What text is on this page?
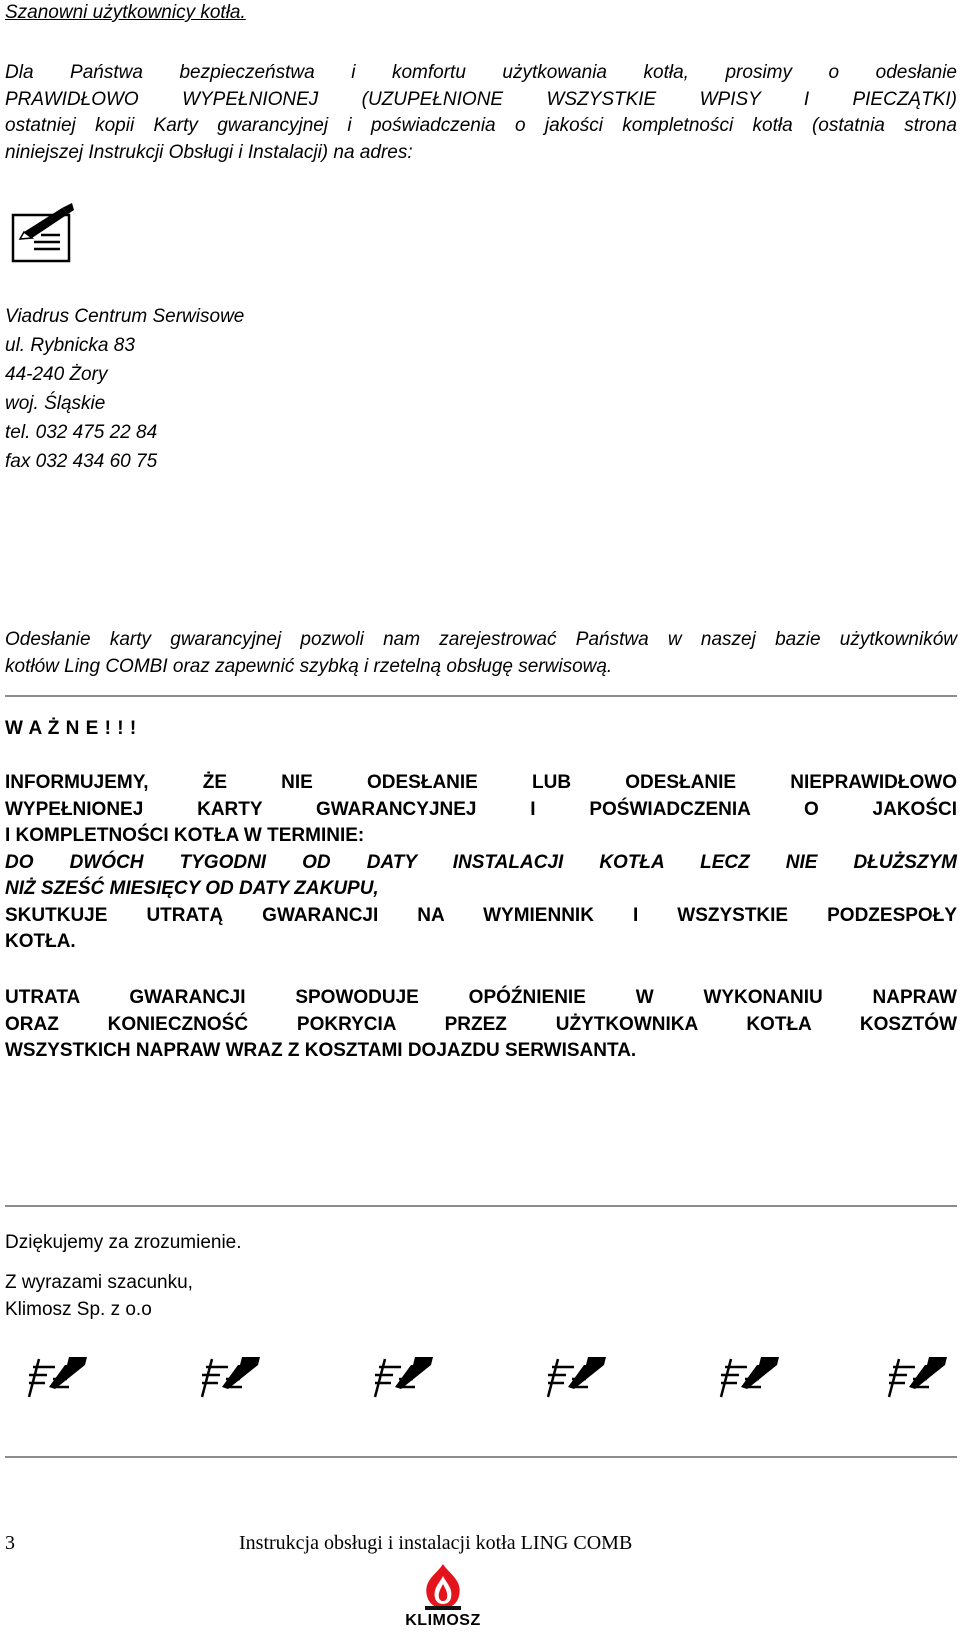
Szanowni użytkownicy kotła.
Dla Państwa bezpieczeństwa i komfortu użytkowania kotła, prosimy o odesłanie
PRAWIDŁOWO WYPEŁNIONEJ (UZUPEŁNIONE WSZYSTKIE WPISY I PIECZĄTKI)
ostatniej kopii Karty gwarancyjnej i poświadczenia o jakości kompletności kotła (ostatnia strona
niniejszej Instrukcji Obsługi i Instalacji) na adres:
Viadrus Centrum Serwisowe
ul. Rybnicka 83
44-240 Żory
woj. Śląskie
tel. 032 475 22 84
fax 032 434 60 75
Odesłanie karty gwarancyjnej pozwoli nam zarejestrować Państwa w naszej bazie użytkowników
kotłów Ling COMBI oraz zapewnić szybką i rzetelną obsługę serwisową.
W A Ż N E ! ! !
INFORMUJEMY, ŻE NIE ODESŁANIE LUB ODESŁANIE NIEPRAWIDŁOWO
WYPEŁNIONEJ KARTY GWARANCYJNEJ I POŚWIADCZENIA O JAKOŚCI
I KOMPLETNOŚCI KOTŁA W TERMINIE:
DO DWÓCH TYGODNI OD DATY INSTALACJI KOTŁA LECZ NIE DŁUŻSZYM
NIŻ SZEŚĆ MIESIĘCY OD DATY ZAKUPU,
SKUTKUJE UTRATĄ GWARANCJI NA WYMIENNIK I WSZYSTKIE PODZESPOŁY
KOTŁA.
UTRATA GWARANCJI SPOWODUJE OPÓŹNIENIE W WYKONANIU NAPRAW
ORAZ KONIECZNOŚĆ POKRYCIA PRZEZ UŻYTKOWNIKA KOTŁA KOSZTÓW
WSZYSTKICH NAPRAW WRAZ Z KOSZTAMI DOJAZDU SERWISANTA.
Dziękujemy za zrozumienie.
Z wyrazami szacunku,
Klimosz Sp. z o.o
3	Instrukcja obsługi i instalacji kotła LING COMB
KLIMOSZ
